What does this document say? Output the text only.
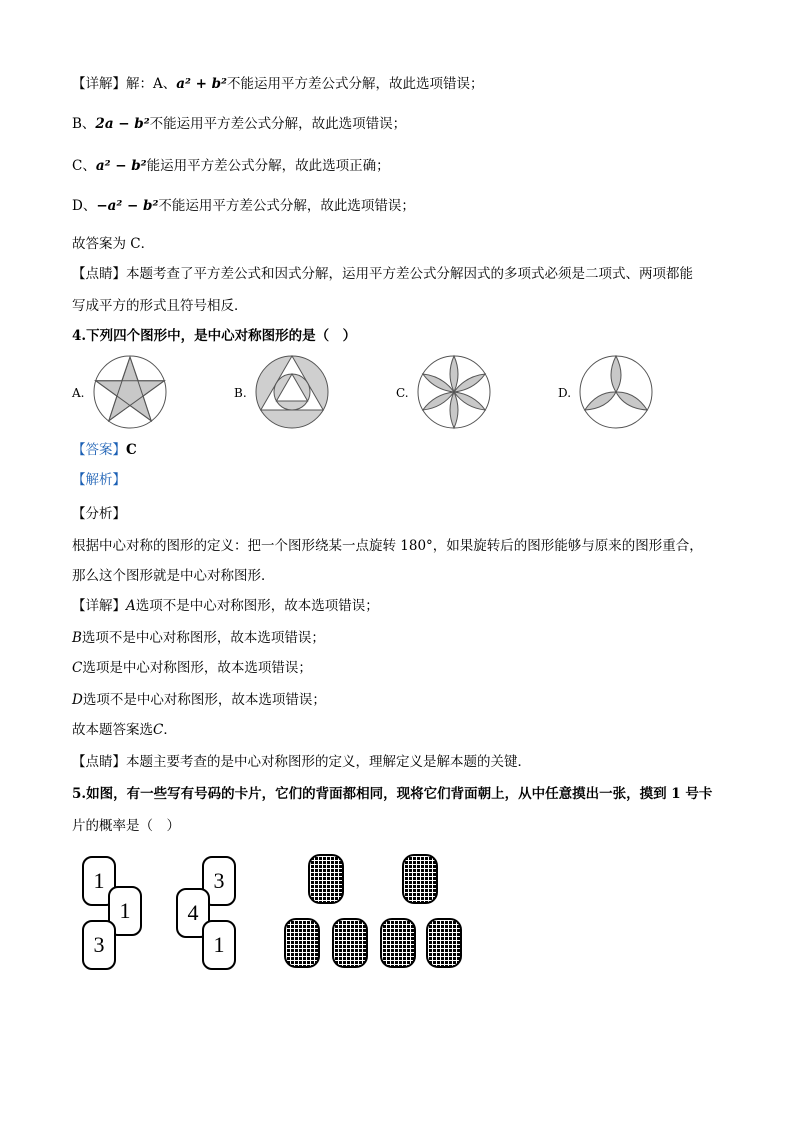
【详解】解：A、a² + b²不能运用平方差公式分解，故此选项错误；
B、2a − b²不能运用平方差公式分解，故此选项错误；
C、a² − b²能运用平方差公式分解，故此选项正确；
D、−a² − b²不能运用平方差公式分解，故此选项错误；
故答案为 C．
【点睛】本题考查了平方差公式和因式分解，运用平方差公式分解因式的多项式必须是二项式、两项都能
写成平方的形式且符号相反．
4.下列四个图形中，是中心对称图形的是（　）
A.	B.	C.	D.
【答案】C
【解析】
【分析】
根据中心对称的图形的定义：把一个图形绕某一点旋转 180°，如果旋转后的图形能够与原来的图形重合，
那么这个图形就是中心对称图形．
【详解】A选项不是中心对称图形，故本选项错误；
B选项不是中心对称图形，故本选项错误；
C选项是中心对称图形，故本选项错误；
D选项不是中心对称图形，故本选项错误；
故本题答案选C．
【点睛】本题主要考查的是中心对称图形的定义，理解定义是解本题的关键．
5.如图，有一些写有号码的卡片，它们的背面都相同，现将它们背面朝上，从中任意摸出一张，摸到 1 号卡
片的概率是（　）
1
1
3
3
4
1
